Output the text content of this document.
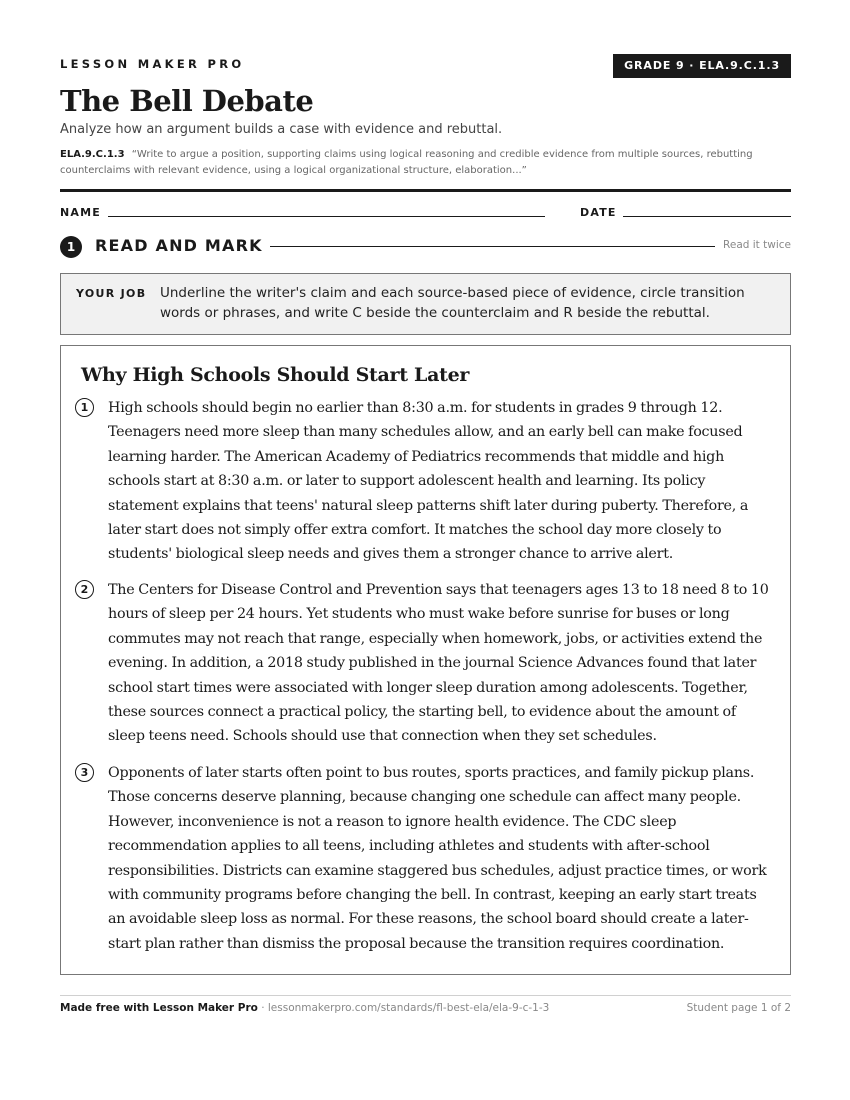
LESSON MAKER PRO	GRADE 9 · ELA.9.C.1.3
The Bell Debate
Analyze how an argument builds a case with evidence and rebuttal.
ELA.9.C.1.3 “Write to argue a position, supporting claims using logical reasoning and credible evidence from multiple sources, rebutting counterclaims with relevant evidence, using a logical organizational structure, elaboration...”
NAME	DATE
1	READ AND MARK	Read it twice
YOUR JOB Underline the writer's claim and each source-based piece of evidence, circle transition words or phrases, and write C beside the counterclaim and R beside the rebuttal.
Why High Schools Should Start Later
1	High schools should begin no earlier than 8:30 a.m. for students in grades 9 through 12. Teenagers need more sleep than many schedules allow, and an early bell can make focused learning harder. The American Academy of Pediatrics recommends that middle and high schools start at 8:30 a.m. or later to support adolescent health and learning. Its policy statement explains that teens' natural sleep patterns shift later during puberty. Therefore, a later start does not simply offer extra comfort. It matches the school day more closely to students' biological sleep needs and gives them a stronger chance to arrive alert.

2	The Centers for Disease Control and Prevention says that teenagers ages 13 to 18 need 8 to 10 hours of sleep per 24 hours. Yet students who must wake before sunrise for buses or long commutes may not reach that range, especially when homework, jobs, or activities extend the evening. In addition, a 2018 study published in the journal Science Advances found that later school start times were associated with longer sleep duration among adolescents. Together, these sources connect a practical policy, the starting bell, to evidence about the amount of sleep teens need. Schools should use that connection when they set schedules.

3	Opponents of later starts often point to bus routes, sports practices, and family pickup plans. Those concerns deserve planning, because changing one schedule can affect many people. However, inconvenience is not a reason to ignore health evidence. The CDC sleep recommendation applies to all teens, including athletes and students with after-school responsibilities. Districts can examine staggered bus schedules, adjust practice times, or work with community programs before changing the bell. In contrast, keeping an early start treats an avoidable sleep loss as normal. For these reasons, the school board should create a later-start plan rather than dismiss the proposal because the transition requires coordination.

Made free with Lesson Maker Pro · lessonmakerpro.com/standards/fl-best-ela/ela-9-c-1-3	Student page 1 of 2
